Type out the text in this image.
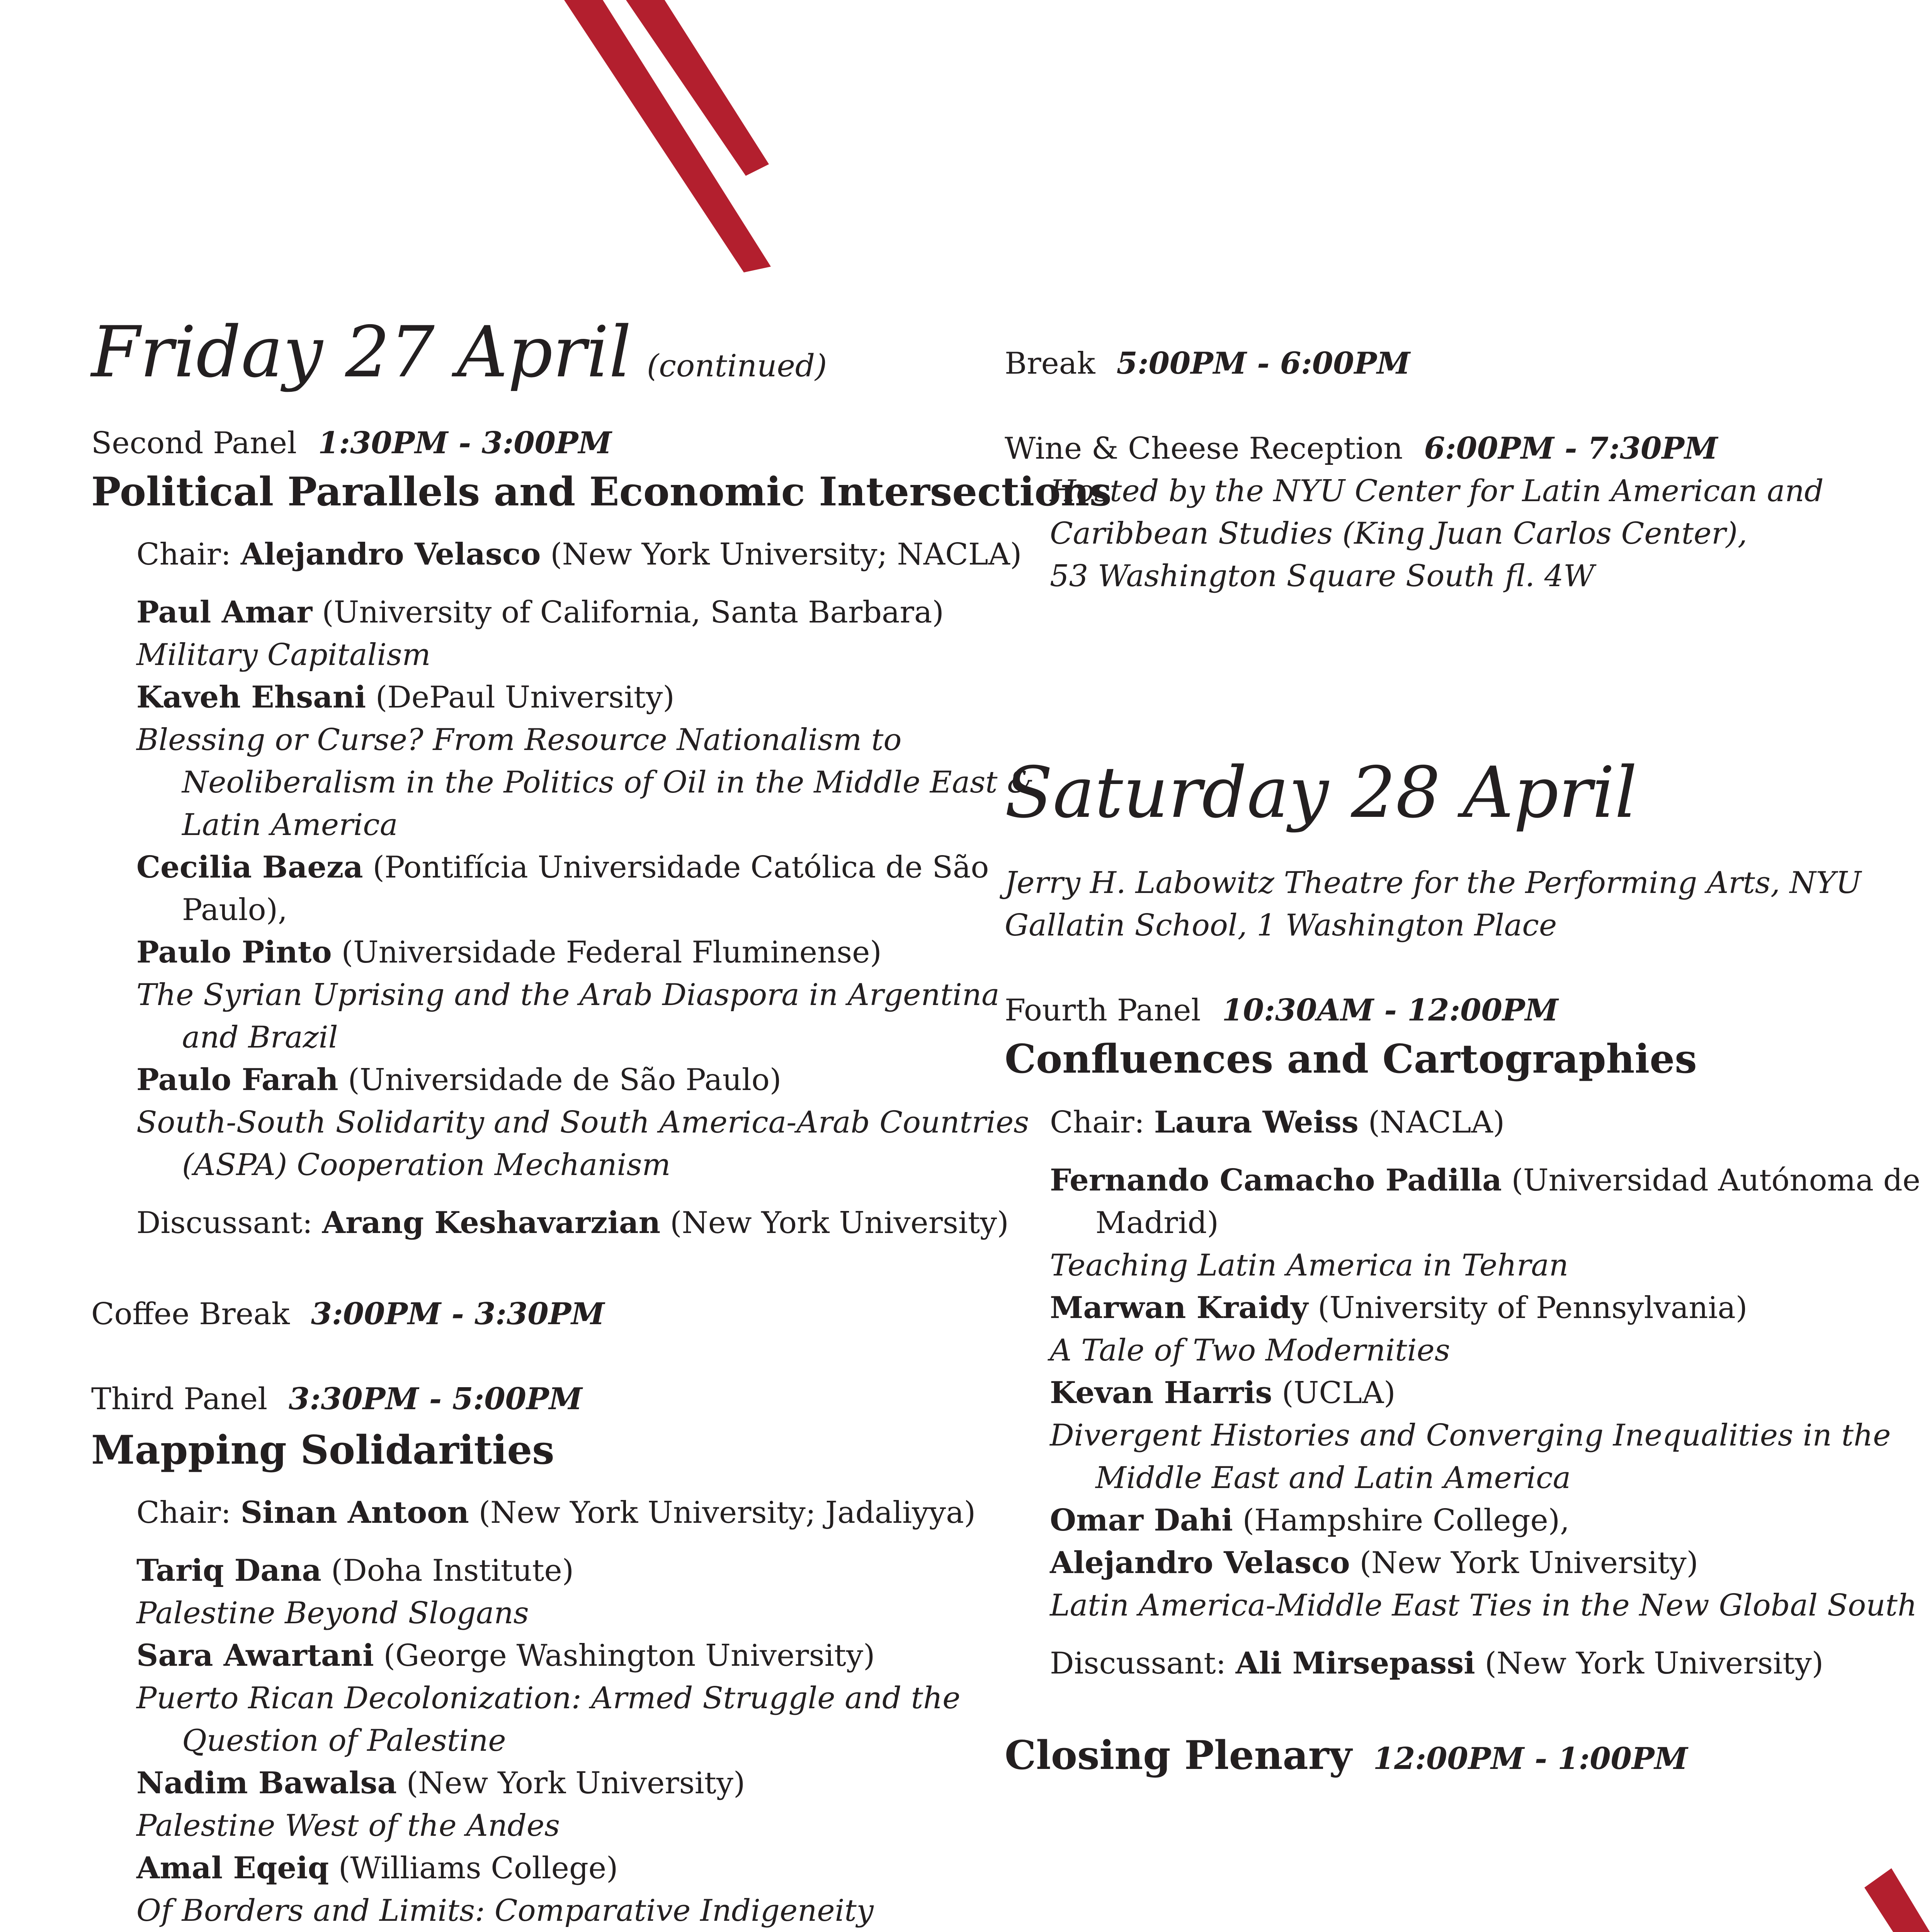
Friday 27 April (continued)
Second Panel 1:30PM - 3:00PM
Political Parallels and Economic Intersections
Chair: Alejandro Velasco (New York University; NACLA)
Paul Amar (University of California, Santa Barbara)
Military Capitalism
Kaveh Ehsani (DePaul University)
Blessing or Curse? From Resource Nationalism to
Neoliberalism in the Politics of Oil in the Middle East &
Latin America
Cecilia Baeza (Pontifícia Universidade Católica de São
Paulo),
Paulo Pinto (Universidade Federal Fluminense)
The Syrian Uprising and the Arab Diaspora in Argentina
and Brazil
Paulo Farah (Universidade de São Paulo)
South-South Solidarity and South America-Arab Countries
(ASPA) Cooperation Mechanism
Discussant: Arang Keshavarzian (New York University)
Coffee Break 3:00PM - 3:30PM
Third Panel 3:30PM - 5:00PM
Mapping Solidarities
Chair: Sinan Antoon (New York University; Jadaliyya)
Tariq Dana (Doha Institute)
Palestine Beyond Slogans
Sara Awartani (George Washington University)
Puerto Rican Decolonization: Armed Struggle and the
Question of Palestine
Nadim Bawalsa (New York University)
Palestine West of the Andes
Amal Eqeiq (Williams College)
Of Borders and Limits: Comparative Indigeneity
Break 5:00PM - 6:00PM
Wine & Cheese Reception 6:00PM - 7:30PM
Hosted by the NYU Center for Latin American and
Caribbean Studies (King Juan Carlos Center),
53 Washington Square South fl. 4W
Saturday 28 April
Jerry H. Labowitz Theatre for the Performing Arts, NYU
Gallatin School, 1 Washington Place
Fourth Panel 10:30AM - 12:00PM
Confluences and Cartographies
Chair: Laura Weiss (NACLA)
Fernando Camacho Padilla (Universidad Autónoma de
Madrid)
Teaching Latin America in Tehran
Marwan Kraidy (University of Pennsylvania)
A Tale of Two Modernities
Kevan Harris (UCLA)
Divergent Histories and Converging Inequalities in the
Middle East and Latin America
Omar Dahi (Hampshire College),
Alejandro Velasco (New York University)
Latin America-Middle East Ties in the New Global South
Discussant: Ali Mirsepassi (New York University)
Closing Plenary 12:00PM - 1:00PM
